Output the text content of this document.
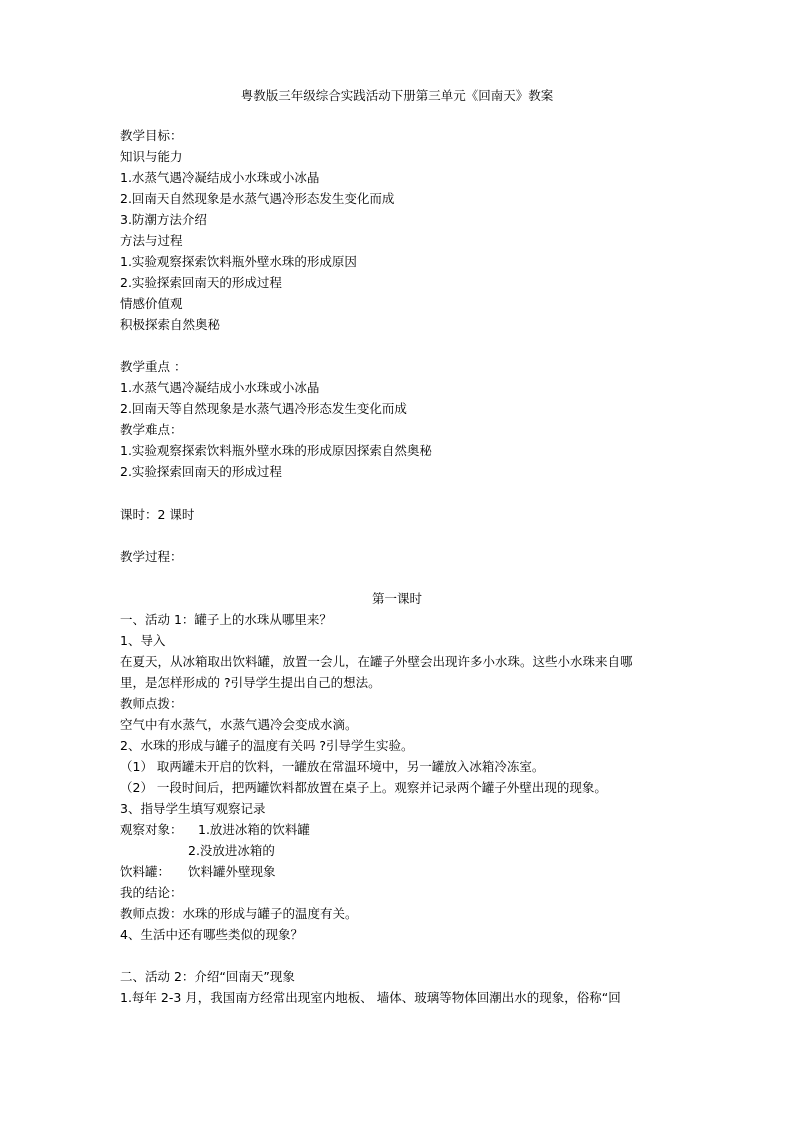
粤教版三年级综合实践活动下册第三单元《回南天》教案
教学目标：
知识与能力
1.水蒸气遇冷凝结成小水珠或小冰晶
2.回南天自然现象是水蒸气遇冷形态发生变化而成
3.防潮方法介绍
方法与过程
1.实验观察探索饮料瓶外壁水珠的形成原因
2.实验探索回南天的形成过程
情感价值观
积极探索自然奥秘
教学重点 ：
1.水蒸气遇冷凝结成小水珠或小冰晶
2.回南天等自然现象是水蒸气遇冷形态发生变化而成
教学难点：
1.实验观察探索饮料瓶外壁水珠的形成原因探索自然奥秘
2.实验探索回南天的形成过程
课时：2 课时
教学过程：
第一课时
一、活动 1：罐子上的水珠从哪里来？
1、导入
在夏天，从冰箱取出饮料罐，放置一会儿，在罐子外壁会出现许多小水珠。这些小水珠来自哪
里，是怎样形成的 ?引导学生提出自己的想法。
教师点拨：
空气中有水蒸气，水蒸气遇冷会变成水滴。
2、水珠的形成与罐子的温度有关吗 ?引导学生实验。
（1） 取两罐未开启的饮料，一罐放在常温环境中，另一罐放入冰箱冷冻室。
（2） 一段时间后，把两罐饮料都放置在桌子上。观察并记录两个罐子外壁出现的现象。
3、指导学生填写观察记录
观察对象： 1.放进冰箱的饮料罐
2.没放进冰箱的
饮料罐： 饮料罐外壁现象
我的结论：
教师点拨：水珠的形成与罐子的温度有关。
4、生活中还有哪些类似的现象？
二、活动 2：介绍“回南天”现象
1.每年 2-3 月，我国南方经常出现室内地板、 墙体、玻璃等物体回潮出水的现象，俗称“回
